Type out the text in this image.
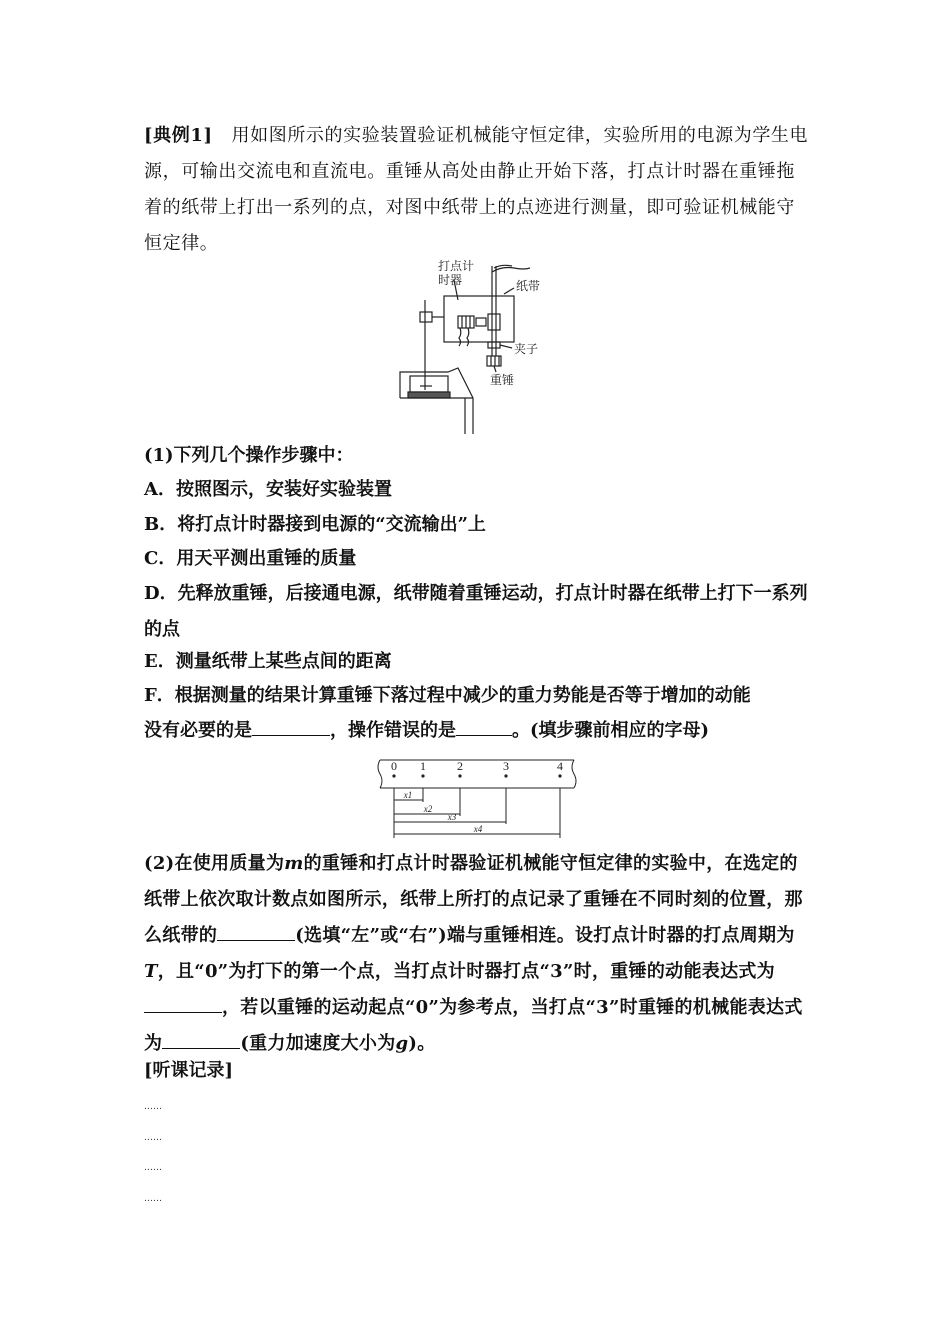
[典例1] 用如图所示的实验装置验证机械能守恒定律，实验所用的电源为学生电源，可输出交流电和直流电。重锤从高处由静止开始下落，打点计时器在重锤拖着的纸带上打出一系列的点，对图中纸带上的点迹进行测量，即可验证机械能守恒定律。

打点计
时器	纸带
夹子
重锤

(1)下列几个操作步骤中：

A．按照图示，安装好实验装置

B．将打点计时器接到电源的“交流输出”上

C．用天平测出重锤的质量

D．先释放重锤，后接通电源，纸带随着重锤运动，打点计时器在纸带上打下一系列的点

E．测量纸带上某些点间的距离

F．根据测量的结果计算重锤下落过程中减少的重力势能是否等于增加的动能

没有必要的是	，操作错误的是	。(填步骤前相应的字母)

0 1	2	3	4
x1
x2
x3
x4

(2)在使用质量为m的重锤和打点计时器验证机械能守恒定律的实验中，在选定的纸带上依次取计数点如图所示，纸带上所打的点记录了重锤在不同时刻的位置，那么纸带的	(选填“左”或“右”)端与重锤相连。设打点计时器的打点周期为T，且“0”为打下的第一个点，当打点计时器打点“3”时，重锤的动能表达式为，若以重锤的运动起点“0”为参考点，当打点“3”时重锤的机械能表达式为	(重力加速度大小为g)。

[听课记录]

……
……
……
……
